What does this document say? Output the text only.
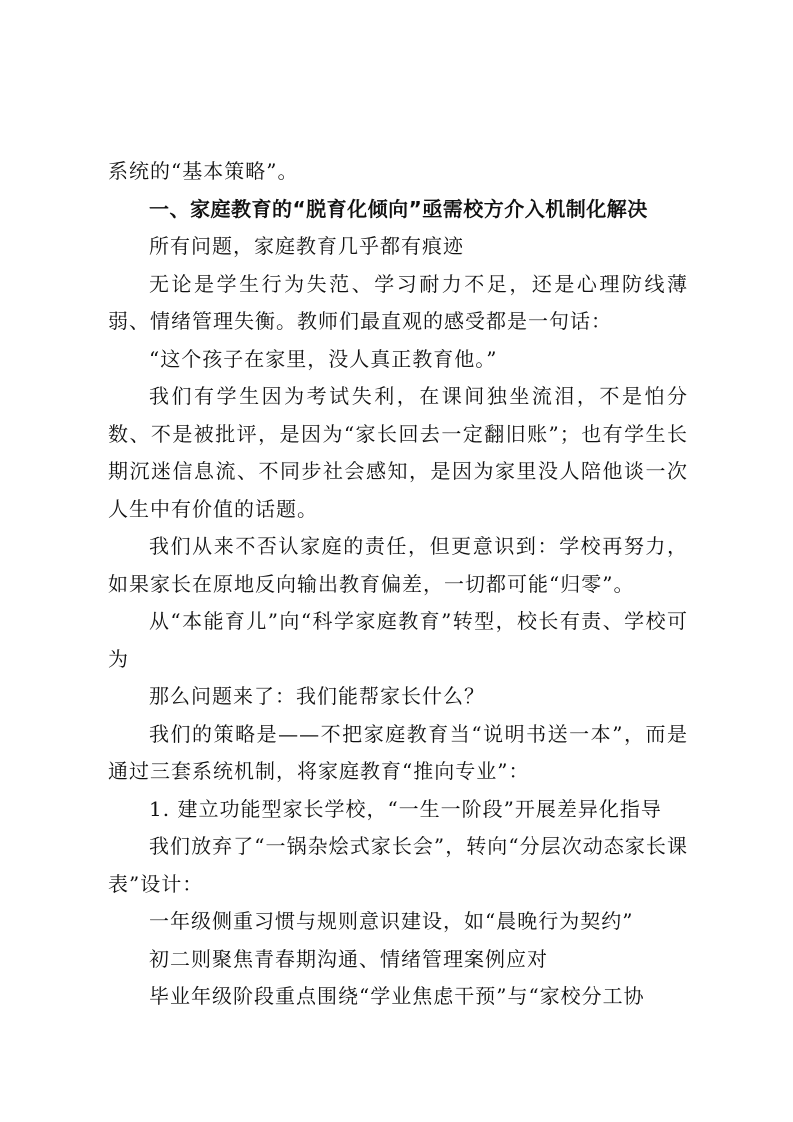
系统的“基本策略”。

一、家庭教育的“脱育化倾向”亟需校方介入机制化解决

所有问题，家庭教育几乎都有痕迹

无论是学生行为失范、学习耐力不足，还是心理防线薄弱、情绪管理失衡。教师们最直观的感受都是一句话：

“这个孩子在家里，没人真正教育他。”

我们有学生因为考试失利，在课间独坐流泪，不是怕分数、不是被批评，是因为“家长回去一定翻旧账”；也有学生长期沉迷信息流、不同步社会感知，是因为家里没人陪他谈一次人生中有价值的话题。

我们从来不否认家庭的责任，但更意识到：学校再努力，如果家长在原地反向输出教育偏差，一切都可能“归零”。

从“本能育儿”向“科学家庭教育”转型，校长有责、学校可为

那么问题来了：我们能帮家长什么？

我们的策略是——不把家庭教育当“说明书送一本”，而是通过三套系统机制，将家庭教育“推向专业”：

1. 建立功能型家长学校，“一生一阶段”开展差异化指导

我们放弃了“一锅杂烩式家长会”，转向“分层次动态家长课表”设计：

一年级侧重习惯与规则意识建设，如“晨晚行为契约”

初二则聚焦青春期沟通、情绪管理案例应对

毕业年级阶段重点围绕“学业焦虑干预”与“家校分工协
